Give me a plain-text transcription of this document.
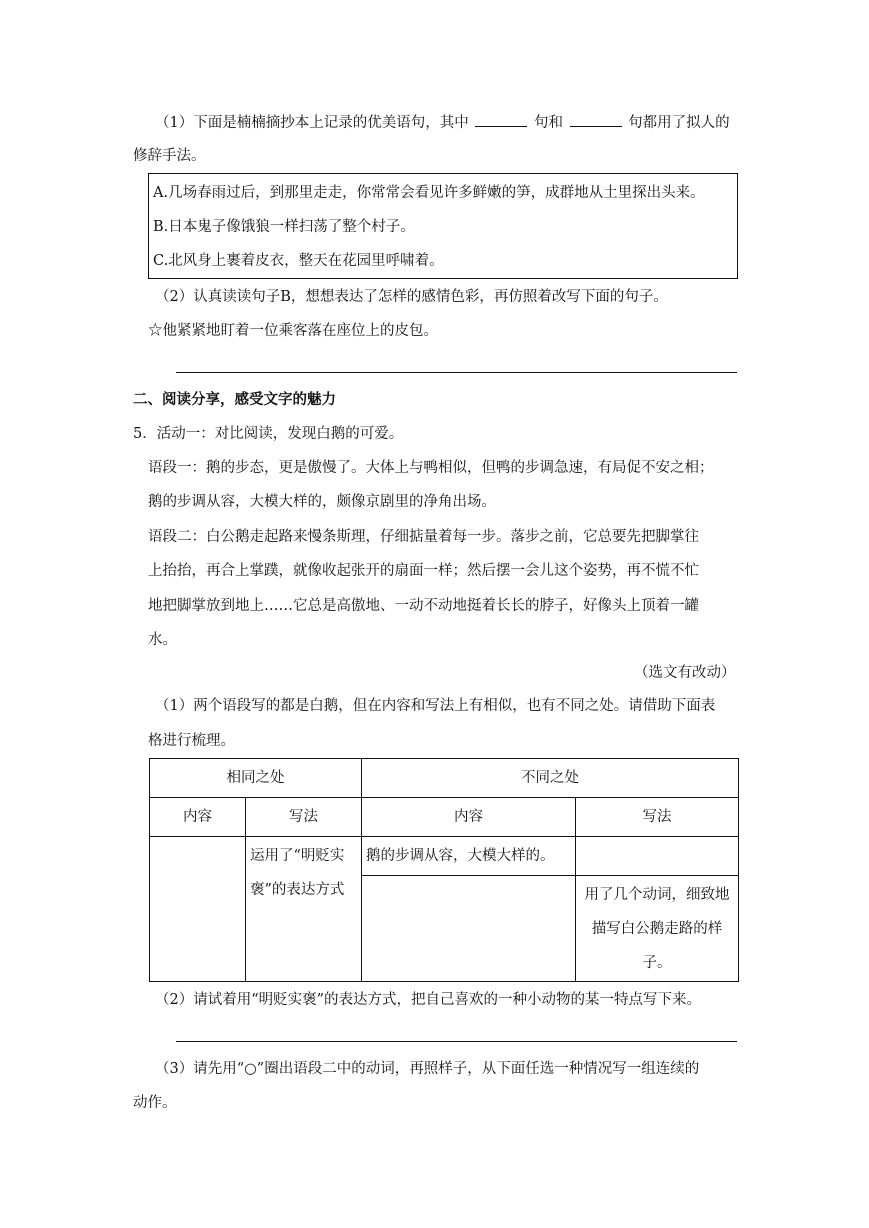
（1）下面是楠楠摘抄本上记录的优美语句，其中	句和	句都用了拟人的
修辞手法。
A.几场春雨过后，到那里走走，你常常会看见许多鲜嫩的笋，成群地从土里探出头来。
B.日本鬼子像饿狼一样扫荡了整个村子。
C.北风身上裹着皮衣，整天在花园里呼啸着。
（2）认真读读句子B，想想表达了怎样的感情色彩，再仿照着改写下面的句子。
☆他紧紧地盯着一位乘客落在座位上的皮包。
二、阅读分享，感受文字的魅力
5．活动一：对比阅读，发现白鹅的可爱。
语段一：鹅的步态，更是傲慢了。大体上与鸭相似，但鸭的步调急速，有局促不安之相；
鹅的步调从容，大模大样的，颇像京剧里的净角出场。
语段二：白公鹅走起路来慢条斯理，仔细掂量着每一步。落步之前，它总要先把脚掌往
上抬抬，再合上掌蹼，就像收起张开的扇面一样；然后摆一会儿这个姿势，再不慌不忙
地把脚掌放到地上……它总是高傲地、一动不动地挺着长长的脖子，好像头上顶着一罐
水。
（选文有改动）
（1）两个语段写的都是白鹅，但在内容和写法上有相似，也有不同之处。请借助下面表
格进行梳理。
相同之处		不同之处	
内容	写法	内容	写法
	运用了“明贬实褒”的表达方式	鹅的步调从容，大模大样的。	
			用了几个动词，细致地描写白公鹅走路的样子。
（2）请试着用“明贬实褒”的表达方式，把自己喜欢的一种小动物的某一特点写下来。
（3）请先用“○”圈出语段二中的动词，再照样子，从下面任选一种情况写一组连续的
动作。
